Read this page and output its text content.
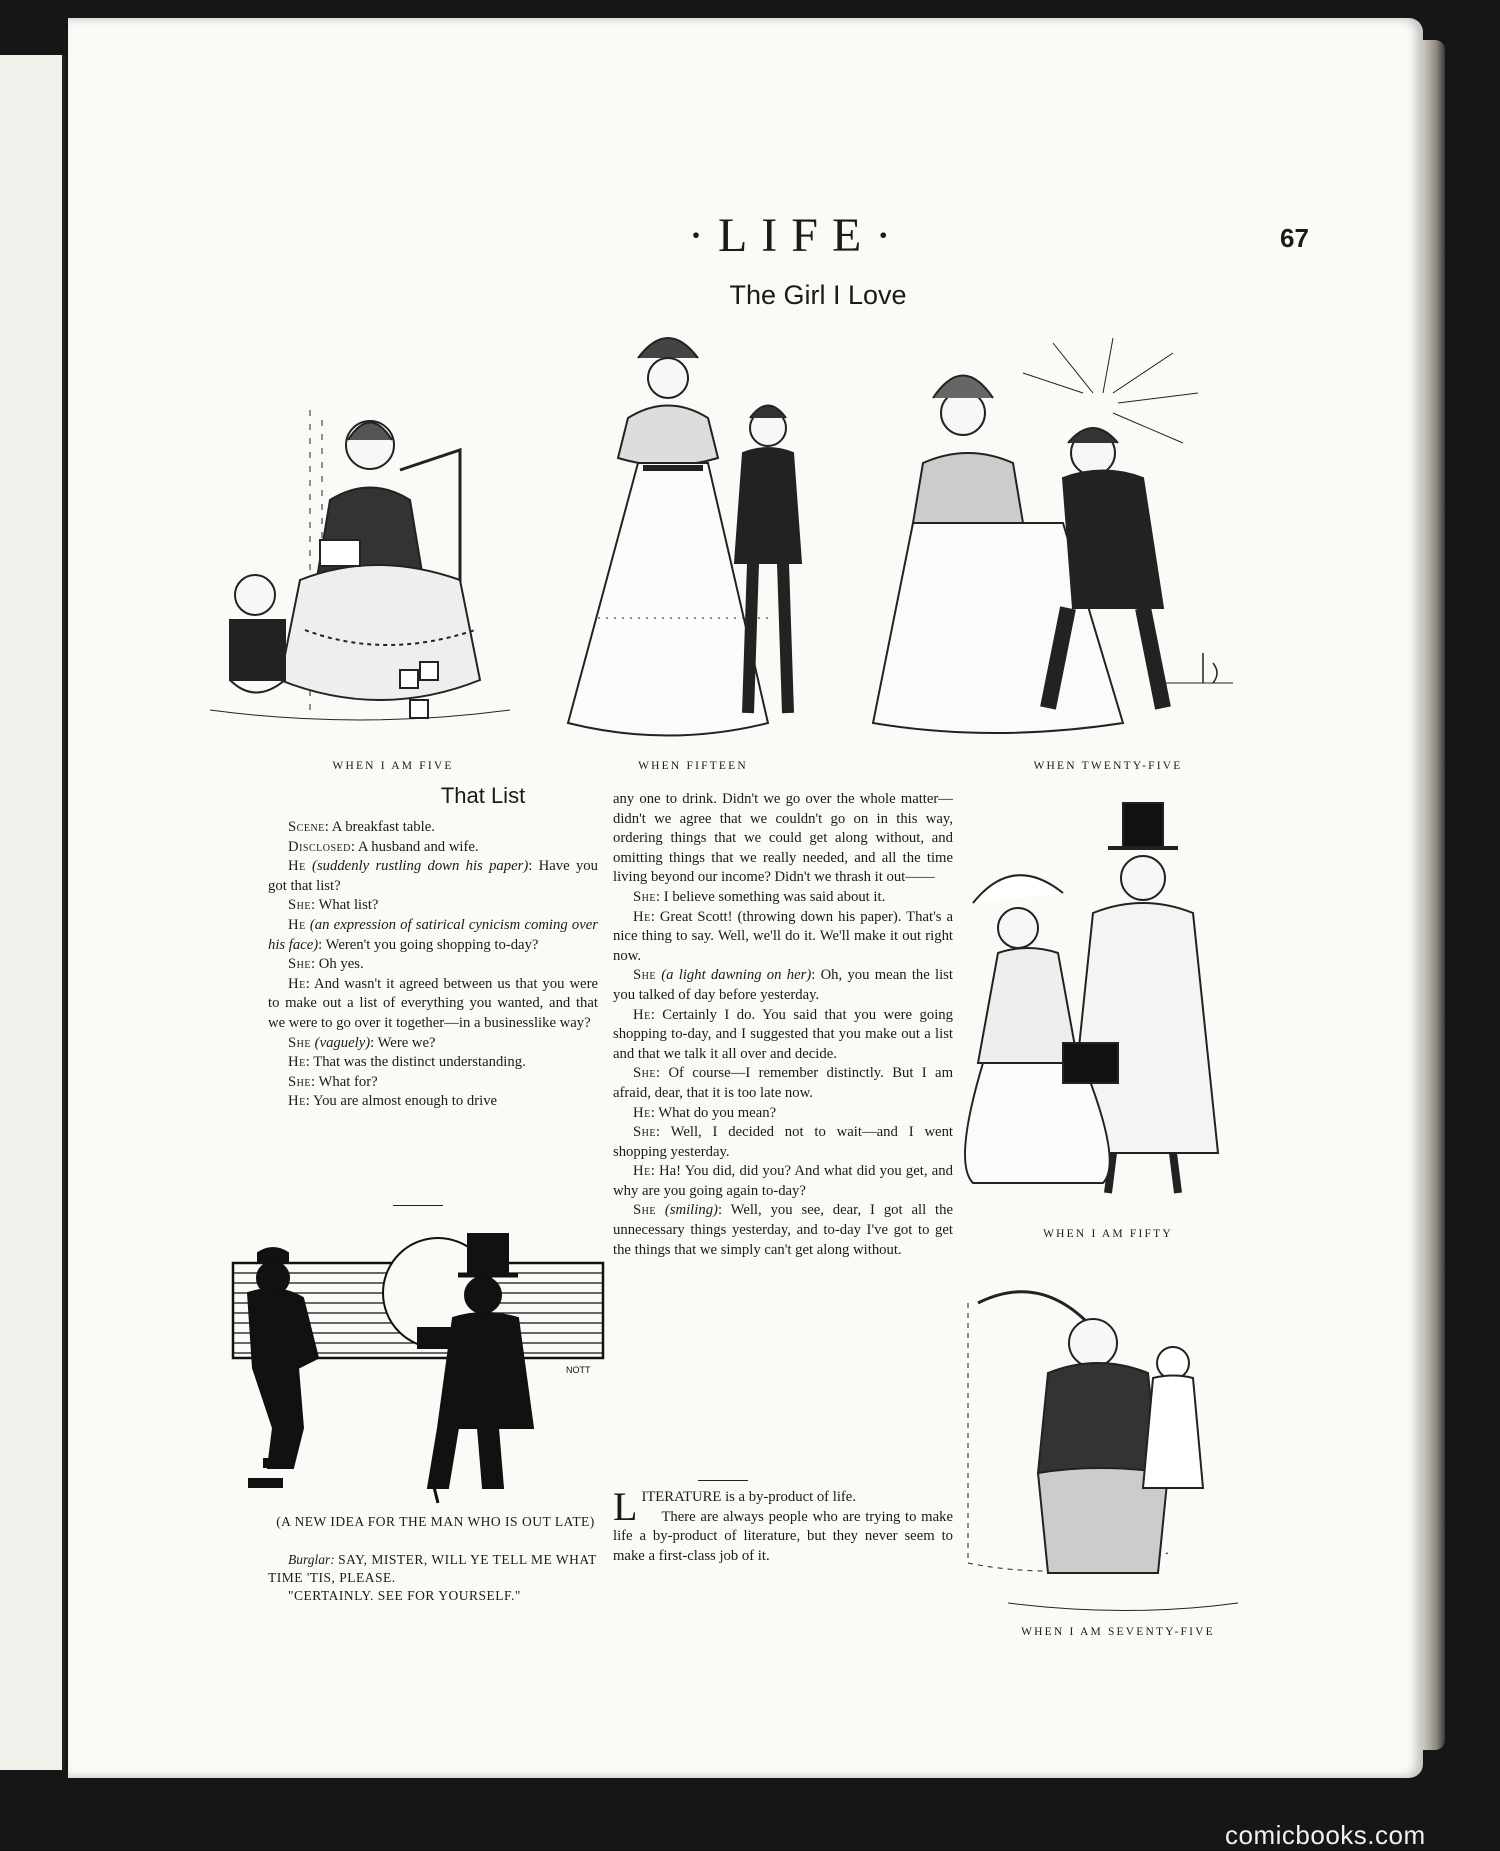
·LIFE·	67
The Girl I Love
WHEN I AM FIVE	WHEN FIFTEEN	WHEN TWENTY-FIVE
WHEN I AM FIFTY
WHEN I AM SEVENTY-FIVE
That List

Scene: A breakfast table.

Disclosed: A husband and wife.

He (suddenly rustling down his paper): Have you got that list?

She: What list?

He (an expression of satirical cynicism coming over his face): Weren't you going shopping to-day?

She: Oh yes.

He: And wasn't it agreed between us that you were to make out a list of everything you wanted, and that we were to go over it together—in a businesslike way?

She (vaguely): Were we?

He: That was the distinct understanding.

She: What for?

He: You are almost enough to drive

any one to drink. Didn't we go over the whole matter—didn't we agree that we couldn't go on in this way, ordering things that we could get along without, and omitting things that we really needed, and all the time living beyond our income? Didn't we thrash it out——

She: I believe something was said about it.

He: Great Scott! (throwing down his paper). That's a nice thing to say. Well, we'll do it. We'll make it out right now.

She (a light dawning on her): Oh, you mean the list you talked of day before yesterday.

He: Certainly I do. You said that you were going shopping to-day, and I suggested that you make out a list and that we talk it all over and decide.

She: Of course—I remember distinctly. But I am afraid, dear, that it is too late now.

He: What do you mean?

She: Well, I decided not to wait—and I went shopping yesterday.

He: Ha! You did, did you? And what did you get, and why are you going again to-day?

She (smiling): Well, you see, dear, I got all the unnecessary things yesterday, and to-day I've got to get the things that we simply can't get along without.

NOTT
(A NEW IDEA FOR THE MAN WHO IS OUT LATE)
Burglar: SAY, MISTER, WILL YE TELL ME WHAT TIME 'TIS, PLEASE.
"CERTAINLY. SEE FOR YOURSELF."

LITERATURE is a by-product of life.

There are always people who are trying to make life a by-product of literature, but they never seem to make a first-class job of it.

comicbooks.com
